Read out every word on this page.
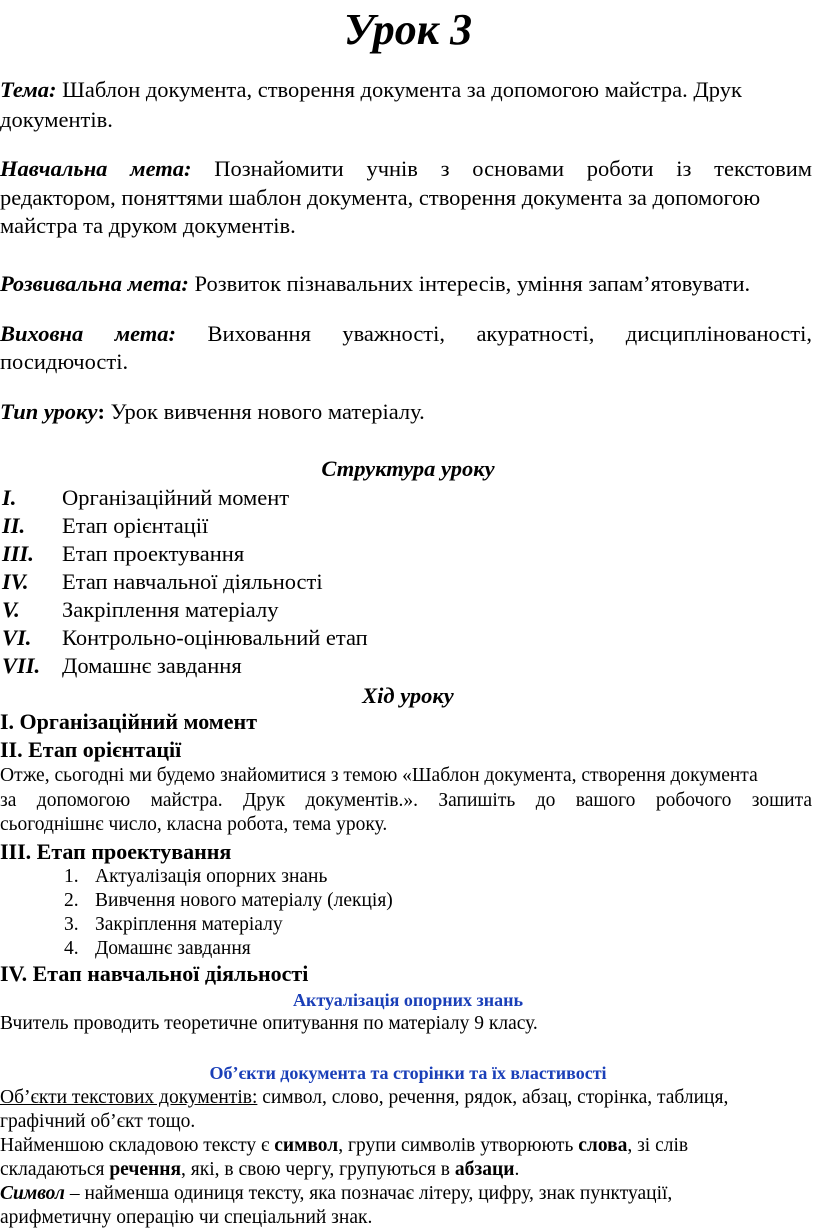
Урок 3
Тема: Шаблон документа, створення документа за допомогою майстра. Друк
документів.
Навчальна мета: Познайомити учнів з основами роботи із текстовим
редактором, поняттями шаблон документа, створення документа за допомогою
майстра та друком документів.
Розвивальна мета: Розвиток пізнавальних інтересів, уміння запам’ятовувати.
Виховна мета: Виховання уважності, акуратності, дисциплінованості,
посидючості.
Тип уроку: Урок вивчення нового матеріалу.
Структура уроку
I. Організаційний момент
II. Етап орієнтації
III. Етап проектування
IV. Етап навчальної діяльності
V. Закріплення матеріалу
VI. Контрольно-оцінювальний етап
VII. Домашнє завдання
Хід уроку
I. Організаційний момент
II. Етап орієнтації
Отже, сьогодні ми будемо знайомитися з темою «Шаблон документа, створення документа
за допомогою майстра. Друк документів.». Запишіть до вашого робочого зошита
сьогоднішнє число, класна робота, тема уроку.
III. Етап проектування
1. Актуалізація опорних знань
2. Вивчення нового матеріалу (лекція)
3. Закріплення матеріалу
4. Домашнє завдання
IV. Етап навчальної діяльності
Актуалізація опорних знань
Вчитель проводить теоретичне опитування по матеріалу 9 класу.
Об’єкти документа та сторінки та їх властивості
Об’єкти текстових документів: символ, слово, речення, рядок, абзац, сторінка, таблиця,
графічний об’єкт тощо.
Найменшою складовою тексту є символ, групи символів утворюють слова, зі слів
складаються речення, які, в свою чергу, групуються в абзаци.
Символ – найменша одиниця тексту, яка позначає літеру, цифру, знак пунктуації,
арифметичну операцію чи спеціальний знак.
